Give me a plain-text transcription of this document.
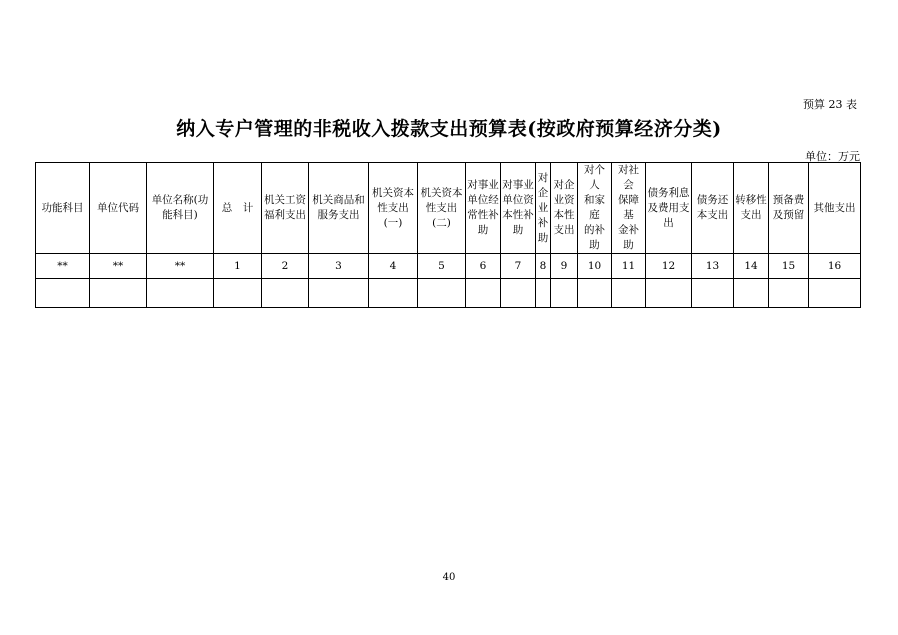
预算 23 表
纳入专户管理的非税收入拨款支出预算表(按政府预算经济分类)
单位：万元
功能科目	单位代码	单位名称(功
能科目)	总　计	机关工资
福利支出	机关商品和
服务支出	机关资本
性支出
(一)	机关资本
性支出
(二)	对事业
单位经
常性补
助	对事业
单位资
本性补
助	对
企
业
补
助	对企
业资
本性
支出	对个人
和家庭
的补助	对社会
保障基
金补助	债务利息
及费用支
出	债务还
本支出	转移性
支出	预备费
及预留	其他支出
**	**	**	1	2	3	4	5	6	7	8	9	10	11	12	13	14	15	16

40
